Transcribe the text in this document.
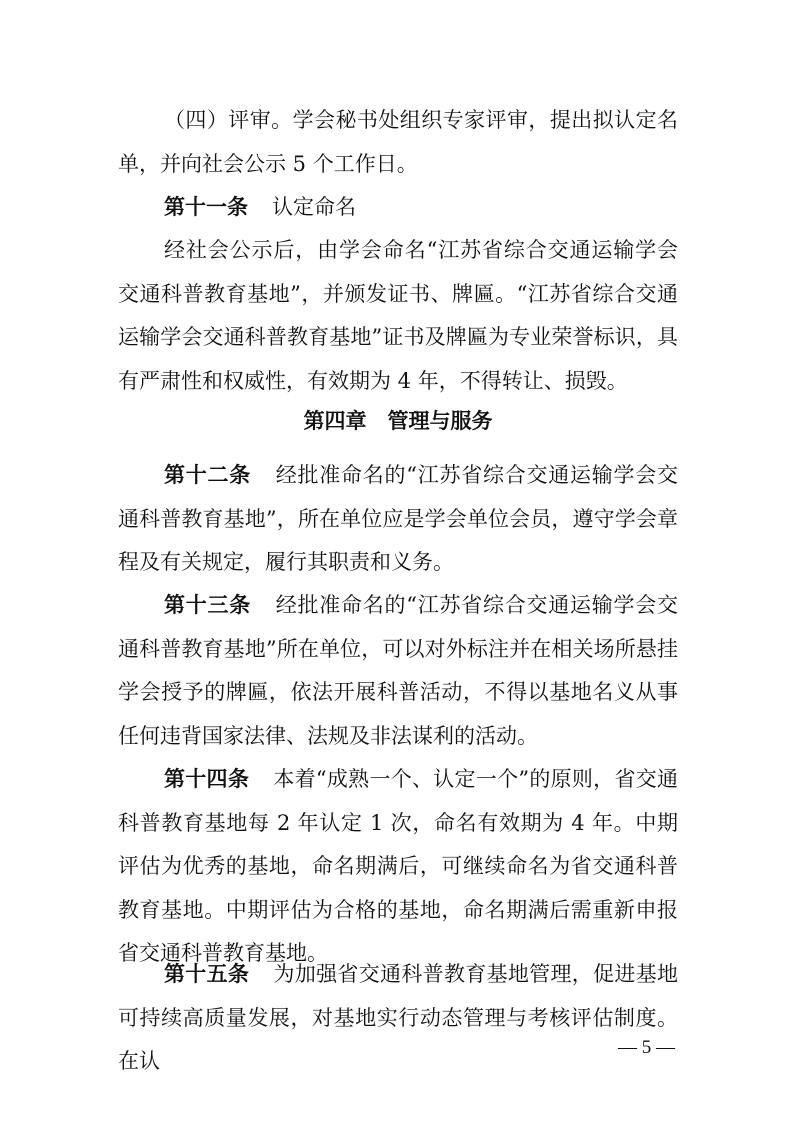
（四）评审。学会秘书处组织专家评审，提出拟认定名单，并向社会公示 5 个工作日。

第十一条 认定命名

经社会公示后，由学会命名“江苏省综合交通运输学会交通科普教育基地”，并颁发证书、牌匾。“江苏省综合交通运输学会交通科普教育基地”证书及牌匾为专业荣誉标识，具有严肃性和权威性，有效期为 4 年，不得转让、损毁。

第四章　管理与服务

第十二条 经批准命名的“江苏省综合交通运输学会交通科普教育基地”，所在单位应是学会单位会员，遵守学会章程及有关规定，履行其职责和义务。

第十三条 经批准命名的“江苏省综合交通运输学会交通科普教育基地”所在单位，可以对外标注并在相关场所悬挂学会授予的牌匾，依法开展科普活动，不得以基地名义从事任何违背国家法律、法规及非法谋利的活动。

第十四条 本着“成熟一个、认定一个”的原则，省交通科普教育基地每 2 年认定 1 次，命名有效期为 4 年。中期评估为优秀的基地，命名期满后，可继续命名为省交通科普教育基地。中期评估为合格的基地，命名期满后需重新申报省交通科普教育基地。

第十五条 为加强省交通科普教育基地管理，促进基地可持续高质量发展，对基地实行动态管理与考核评估制度。在认

— 5 —
